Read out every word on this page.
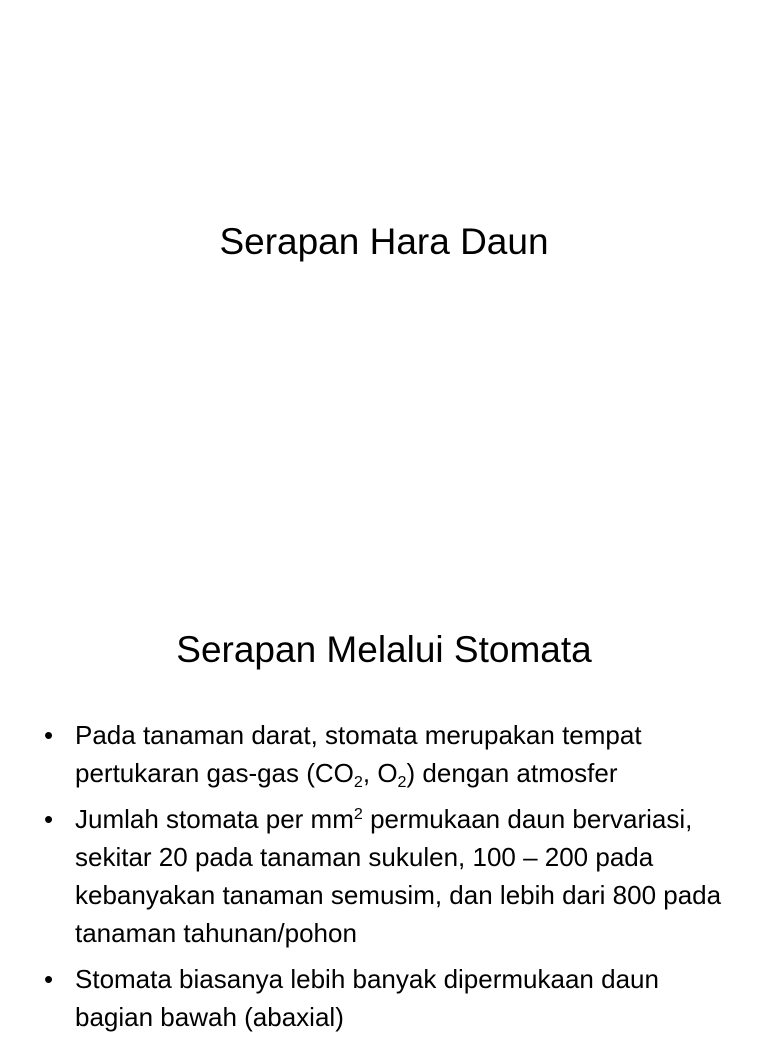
Serapan Hara Daun
Serapan Melalui Stomata
• Pada tanaman darat, stomata merupakan tempat pertukaran gas-gas ($CO_2$, $O_2$) dengan atmosfer
• Jumlah stomata per $mm^2$ permukaan daun bervariasi, sekitar 20 pada tanaman sukulen, 100 – 200 pada kebanyakan tanaman semusim, dan lebih dari 800 pada tanaman tahunan/pohon
• Stomata biasanya lebih banyak dipermukaan daun bagian bawah (abaxial)
